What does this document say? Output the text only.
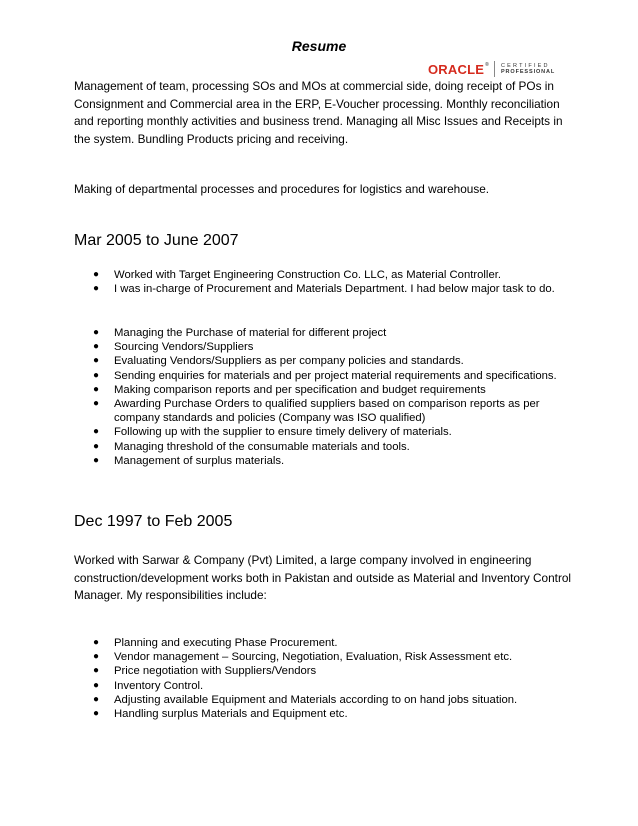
Resume
ORACLE® CERTIFIED
PROFESSIONAL

Management of team, processing SOs and MOs at commercial side, doing receipt of POs in Consignment and Commercial area in the ERP, E-Voucher processing. Monthly reconciliation and reporting monthly activities and business trend. Managing all Misc Issues and Receipts in the system. Bundling Products pricing and receiving.

Making of departmental processes and procedures for logistics and warehouse.

Mar 2005 to June 2007
● Worked with Target Engineering Construction Co. LLC, as Material Controller.
● I was in-charge of Procurement and Materials Department. I had below major task to do.
● Managing the Purchase of material for different project
● Sourcing Vendors/Suppliers
● Evaluating Vendors/Suppliers as per company policies and standards.
● Sending enquiries for materials and per project material requirements and specifications.
● Making comparison reports and per specification and budget requirements
● Awarding Purchase Orders to qualified suppliers based on comparison reports as per company standards and policies (Company was ISO qualified)
● Following up with the supplier to ensure timely delivery of materials.
● Managing threshold of the consumable materials and tools.
● Management of surplus materials.
Dec 1997 to Feb 2005

Worked with Sarwar & Company (Pvt) Limited, a large company involved in engineering construction/development works both in Pakistan and outside as Material and Inventory Control Manager. My responsibilities include:

● Planning and executing Phase Procurement.
● Vendor management – Sourcing, Negotiation, Evaluation, Risk Assessment etc.
● Price negotiation with Suppliers/Vendors
● Inventory Control.
● Adjusting available Equipment and Materials according to on hand jobs situation.
● Handling surplus Materials and Equipment etc.
